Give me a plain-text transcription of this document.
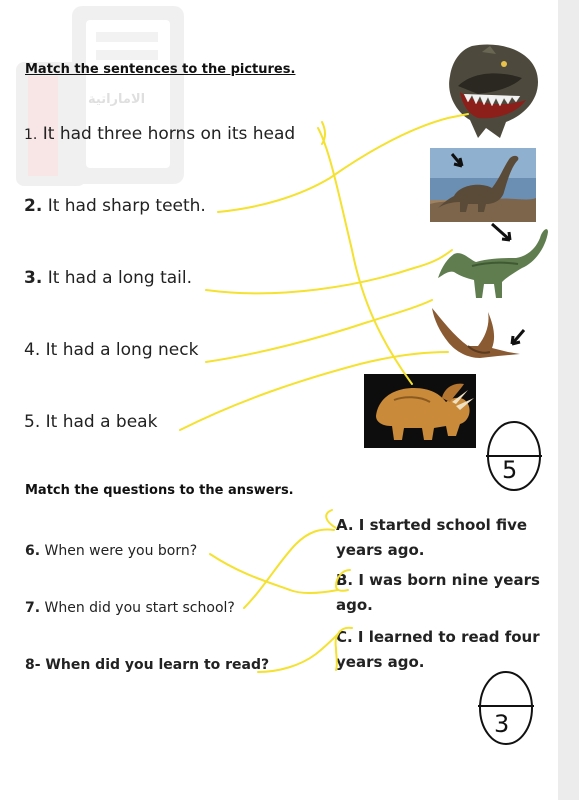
الاماراتية
Match the sentences to the pictures.
1. It had three horns on its head
2. It had sharp teeth.
3. It had a long tail.
4. It had a long neck
5. It had a beak
5
Match the questions to the answers.
6. When were you born?
7. When did you start school?
8- When did you learn to read?
A. I started school five
years ago.
B. I was born nine years
ago.
C. I learned to read four
years ago.
3
